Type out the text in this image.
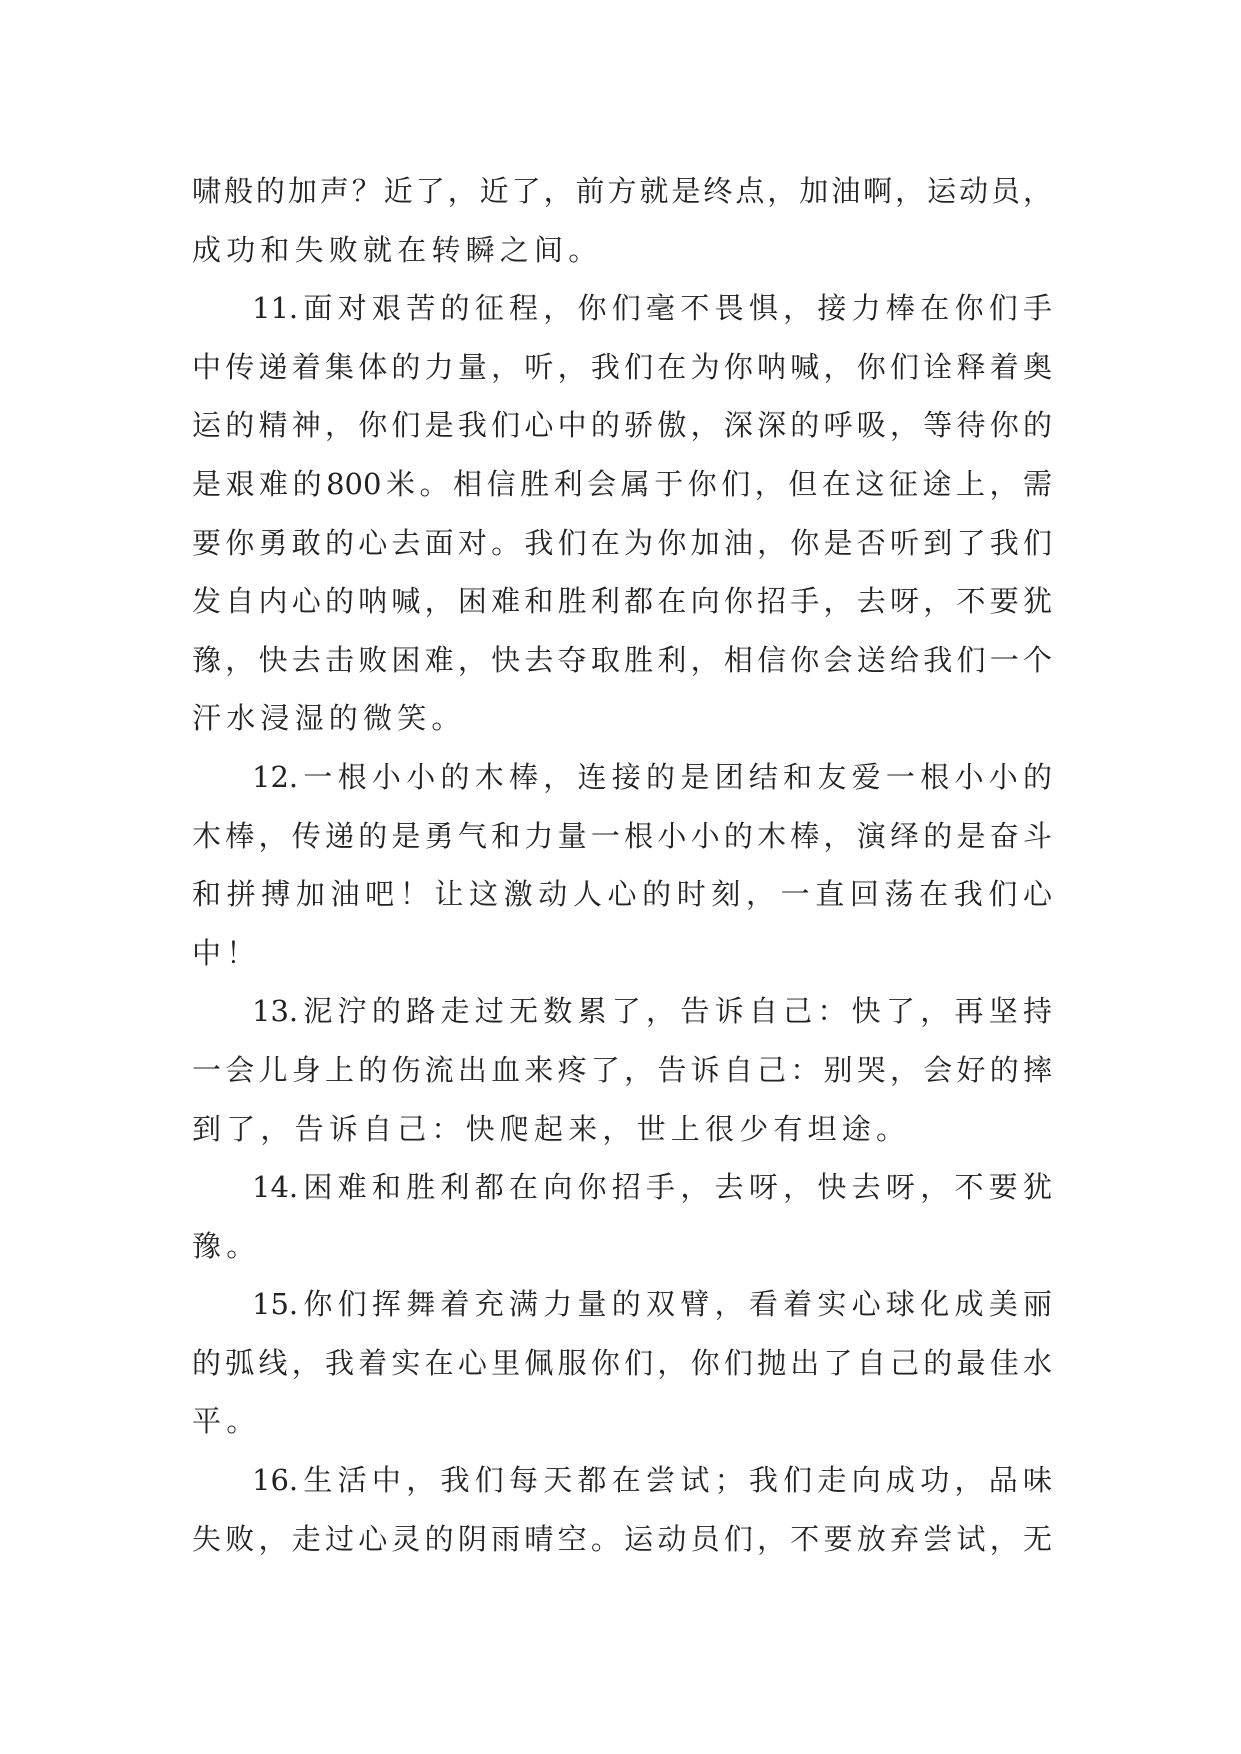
啸般的加声？近了，近了，前方就是终点，加油啊，运动员，
成功和失败就在转瞬之间。
11.面对艰苦的征程，你们毫不畏惧，接力棒在你们手
中传递着集体的力量，听，我们在为你呐喊，你们诠释着奥
运的精神，你们是我们心中的骄傲，深深的呼吸，等待你的
是艰难的800米。相信胜利会属于你们，但在这征途上，需
要你勇敢的心去面对。我们在为你加油，你是否听到了我们
发自内心的呐喊，困难和胜利都在向你招手，去呀，不要犹
豫，快去击败困难，快去夺取胜利，相信你会送给我们一个
汗水浸湿的微笑。
12.一根小小的木棒，连接的是团结和友爱一根小小的
木棒，传递的是勇气和力量一根小小的木棒，演绎的是奋斗
和拼搏加油吧！让这激动人心的时刻，一直回荡在我们心
中！
13.泥泞的路走过无数累了，告诉自己：快了，再坚持
一会儿身上的伤流出血来疼了，告诉自己：别哭，会好的摔
到了，告诉自己：快爬起来，世上很少有坦途。
14.困难和胜利都在向你招手，去呀，快去呀，不要犹
豫。
15.你们挥舞着充满力量的双臂，看着实心球化成美丽
的弧线，我着实在心里佩服你们，你们抛出了自己的最佳水
平。
16.生活中，我们每天都在尝试；我们走向成功，品味
失败，走过心灵的阴雨晴空。运动员们，不要放弃尝试，无
